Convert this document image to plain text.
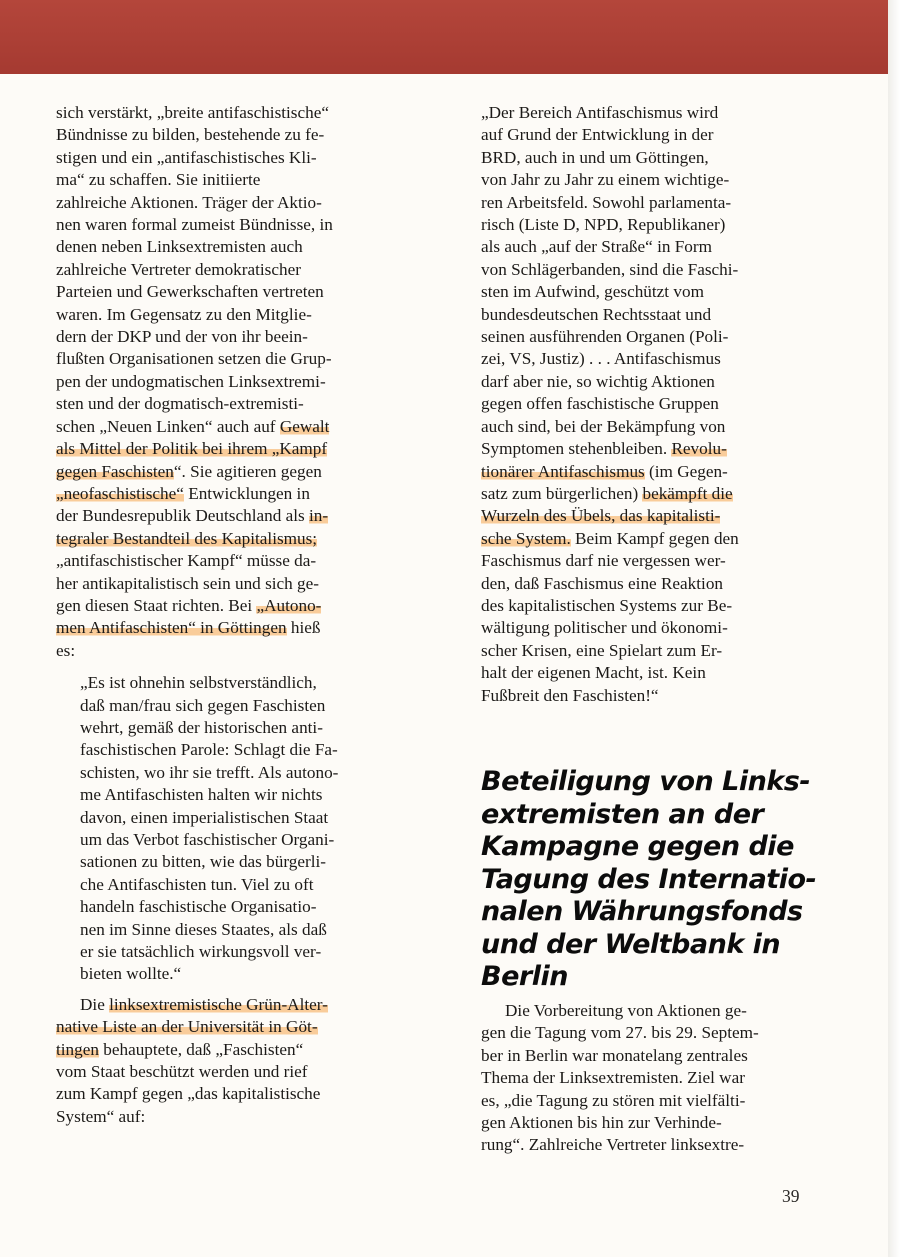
sich verstärkt, „breite antifaschistische“
Bündnisse zu bilden, bestehende zu fe-
stigen und ein „antifaschistisches Kli-
ma“ zu schaffen. Sie initiierte
zahlreiche Aktionen. Träger der Aktio-
nen waren formal zumeist Bündnisse, in
denen neben Linksextremisten auch
zahlreiche Vertreter demokratischer
Parteien und Gewerkschaften vertreten
waren. Im Gegensatz zu den Mitglie-
dern der DKP und der von ihr beein-
flußten Organisationen setzen die Grup-
pen der undogmatischen Linksextremi-
sten und der dogmatisch-extremisti-
schen „Neuen Linken“ auch auf Gewalt
als Mittel der Politik bei ihrem „Kampf
gegen Faschisten“. Sie agitieren gegen
„neofaschistische“ Entwicklungen in
der Bundesrepublik Deutschland als in-
tegraler Bestandteil des Kapitalismus;
„antifaschistischer Kampf“ müsse da-
her antikapitalistisch sein und sich ge-
gen diesen Staat richten. Bei „Autono-
men Antifaschisten“ in Göttingen hieß
es:

„Es ist ohnehin selbstverständlich,
daß man/frau sich gegen Faschisten
wehrt, gemäß der historischen anti-
faschistischen Parole: Schlagt die Fa-
schisten, wo ihr sie trefft. Als autono-
me Antifaschisten halten wir nichts
davon, einen imperialistischen Staat
um das Verbot faschistischer Organi-
sationen zu bitten, wie das bürgerli-
che Antifaschisten tun. Viel zu oft
handeln faschistische Organisatio-
nen im Sinne dieses Staates, als daß
er sie tatsächlich wirkungsvoll ver-
bieten wollte.“

Die linksextremistische Grün-Alter-
native Liste an der Universität in Göt-
tingen behauptete, daß „Faschisten“
vom Staat beschützt werden und rief
zum Kampf gegen „das kapitalistische
System“ auf:

„Der Bereich Antifaschismus wird
auf Grund der Entwicklung in der
BRD, auch in und um Göttingen,
von Jahr zu Jahr zu einem wichtige-
ren Arbeitsfeld. Sowohl parlamenta-
risch (Liste D, NPD, Republikaner)
als auch „auf der Straße“ in Form
von Schlägerbanden, sind die Faschi-
sten im Aufwind, geschützt vom
bundesdeutschen Rechtsstaat und
seinen ausführenden Organen (Poli-
zei, VS, Justiz) . . . Antifaschismus
darf aber nie, so wichtig Aktionen
gegen offen faschistische Gruppen
auch sind, bei der Bekämpfung von
Symptomen stehenbleiben. Revolu-
tionärer Antifaschismus (im Gegen-
satz zum bürgerlichen) bekämpft die
Wurzeln des Übels, das kapitalisti-
sche System. Beim Kampf gegen den
Faschismus darf nie vergessen wer-
den, daß Faschismus eine Reaktion
des kapitalistischen Systems zur Be-
wältigung politischer und ökonomi-
scher Krisen, eine Spielart zum Er-
halt der eigenen Macht, ist. Kein
Fußbreit den Faschisten!“

Beteiligung von Links-
extremisten an der
Kampagne gegen die
Tagung des Internatio-
nalen Währungsfonds
und der Weltbank in
Berlin

Die Vorbereitung von Aktionen ge-
gen die Tagung vom 27. bis 29. Septem-
ber in Berlin war monatelang zentrales
Thema der Linksextremisten. Ziel war
es, „die Tagung zu stören mit vielfälti-
gen Aktionen bis hin zur Verhinde-
rung“. Zahlreiche Vertreter linksextre-

39
